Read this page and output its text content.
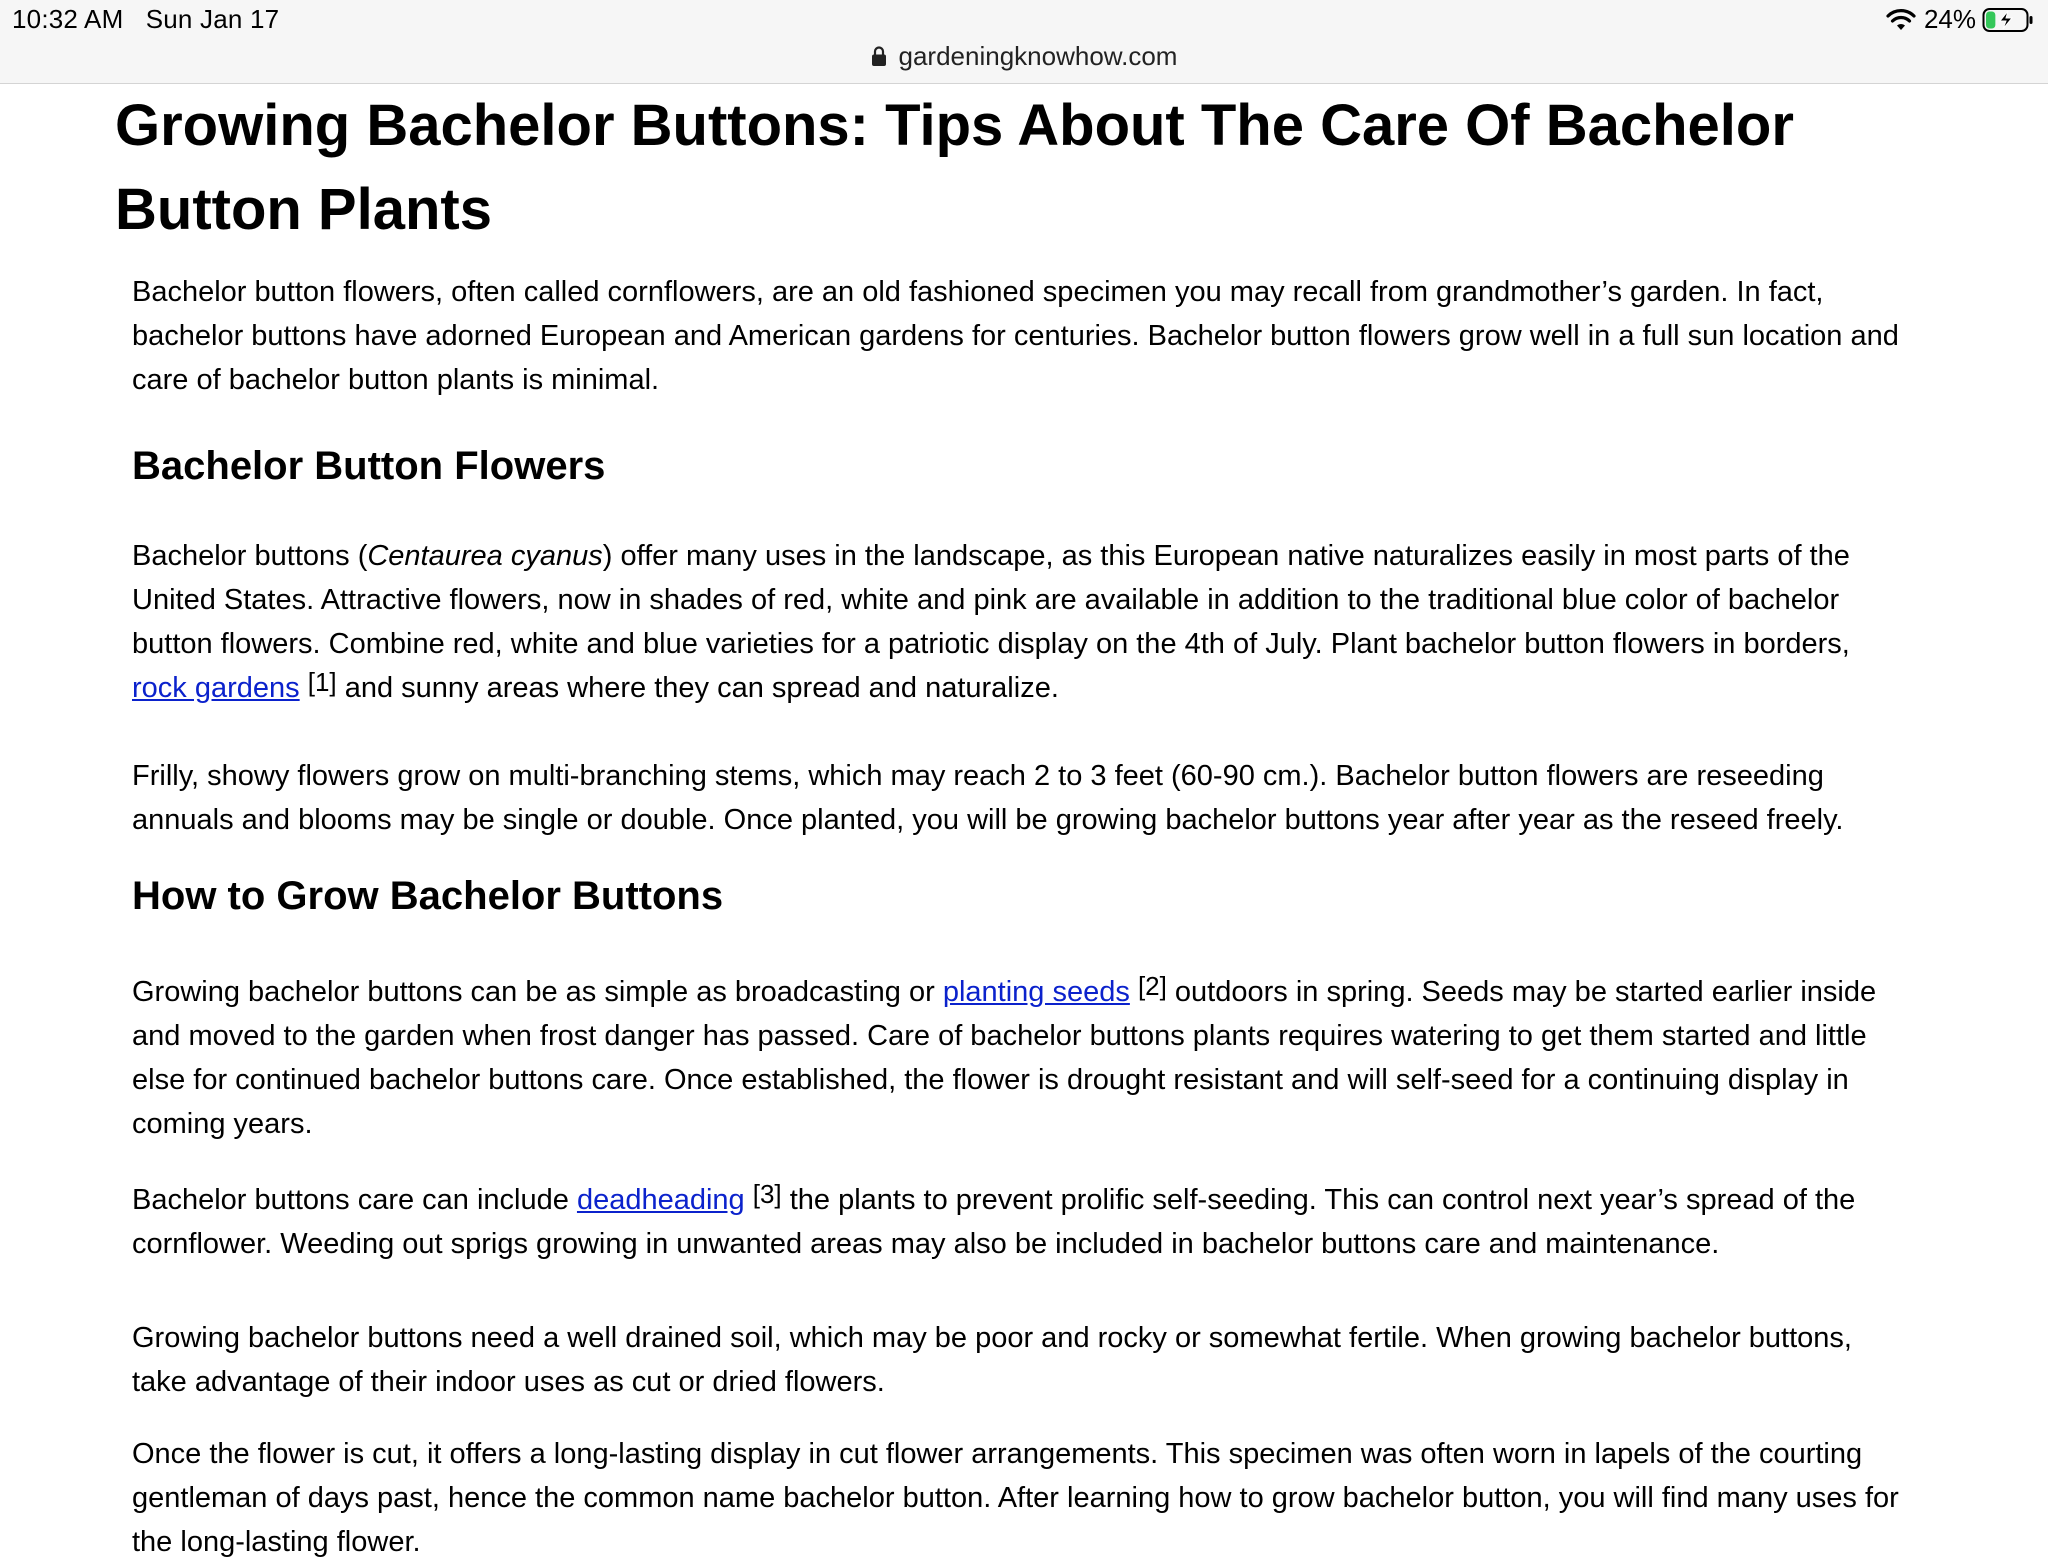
10:32 AM Sun Jan 17	24%
gardeningknowhow.com
Growing Bachelor Buttons: Tips About The Care Of Bachelor Button Plants

Bachelor button flowers, often called cornflowers, are an old fashioned specimen you may recall from grandmother’s garden. In fact, bachelor buttons have adorned European and American gardens for centuries. Bachelor button flowers grow well in a full sun location and care of bachelor button plants is minimal.

Bachelor Button Flowers

Bachelor buttons (Centaurea cyanus) offer many uses in the landscape, as this European native naturalizes easily in most parts of the United States. Attractive flowers, now in shades of red, white and pink are available in addition to the traditional blue color of bachelor button flowers. Combine red, white and blue varieties for a patriotic display on the 4th of July. Plant bachelor button flowers in borders, rock gardens [1] and sunny areas where they can spread and naturalize.

Frilly, showy flowers grow on multi-branching stems, which may reach 2 to 3 feet (60-90 cm.). Bachelor button flowers are reseeding annuals and blooms may be single or double. Once planted, you will be growing bachelor buttons year after year as the reseed freely.

How to Grow Bachelor Buttons

Growing bachelor buttons can be as simple as broadcasting or planting seeds [2] outdoors in spring. Seeds may be started earlier inside and moved to the garden when frost danger has passed. Care of bachelor buttons plants requires watering to get them started and little else for continued bachelor buttons care. Once established, the flower is drought resistant and will self-seed for a continuing display in coming years.

Bachelor buttons care can include deadheading [3] the plants to prevent prolific self-seeding. This can control next year’s spread of the cornflower. Weeding out sprigs growing in unwanted areas may also be included in bachelor buttons care and maintenance.

Growing bachelor buttons need a well drained soil, which may be poor and rocky or somewhat fertile. When growing bachelor buttons, take advantage of their indoor uses as cut or dried flowers.

Once the flower is cut, it offers a long-lasting display in cut flower arrangements. This specimen was often worn in lapels of the courting gentleman of days past, hence the common name bachelor button. After learning how to grow bachelor button, you will find many uses for the long-lasting flower.
